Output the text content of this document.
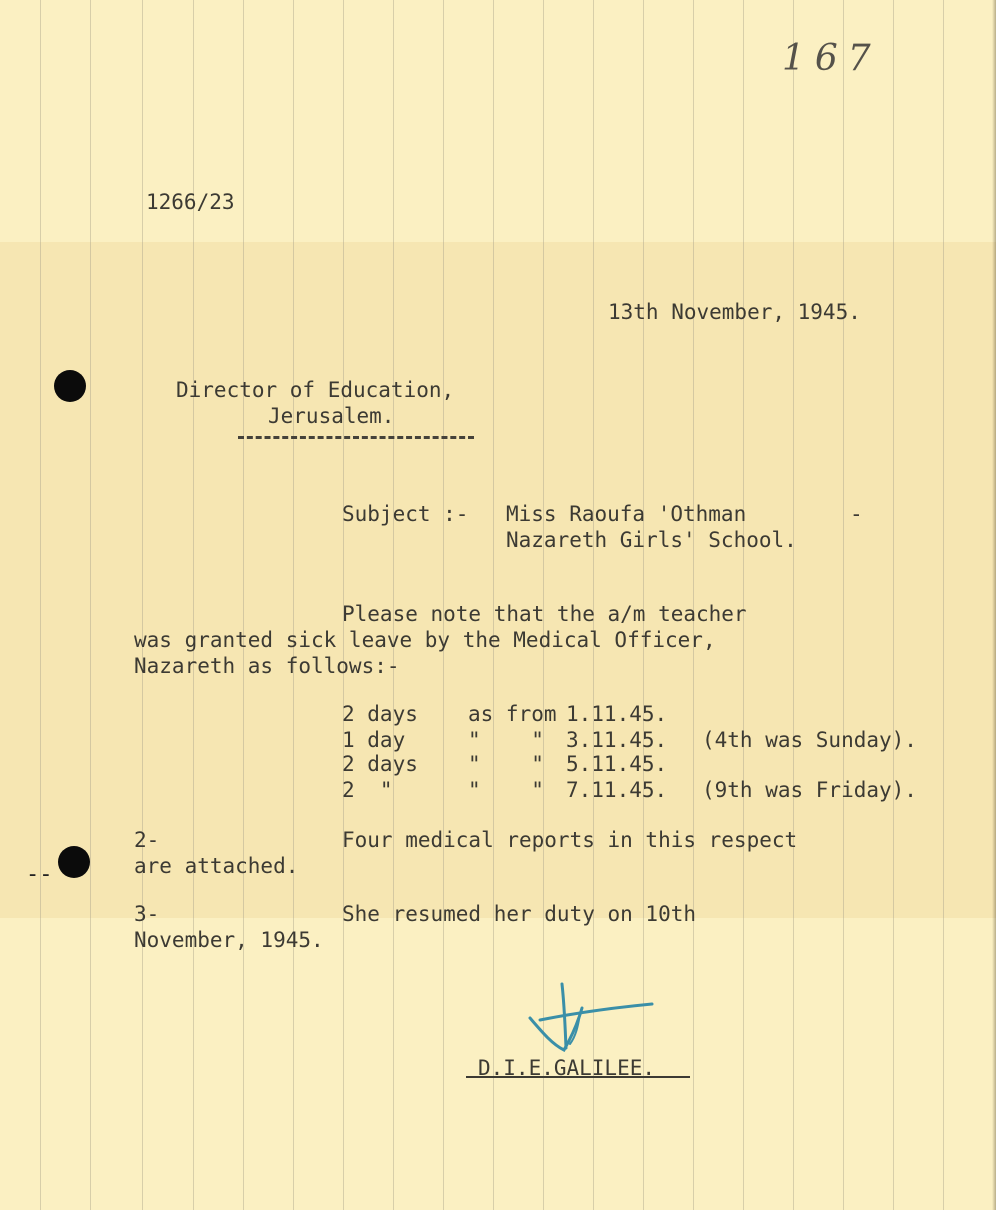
--
167
1266/23
13th November, 1945.
Director of Education,
Jerusalem.
Subject :- Miss Raoufa 'Othman	-
Nazareth Girls' School.
Please note that the a/m teacher
was granted sick leave by the Medical Officer,
Nazareth as follows:-
2 days as from 1.11.45.
1 day	"    " 3.11.45. (4th was Sunday).
2 days "    " 5.11.45.
2  "	"    " 7.11.45. (9th was Friday).
2-	Four medical reports in this respect
are attached.
3-	She resumed her duty on 10th
November, 1945.
D.I.E.GALILEE.
